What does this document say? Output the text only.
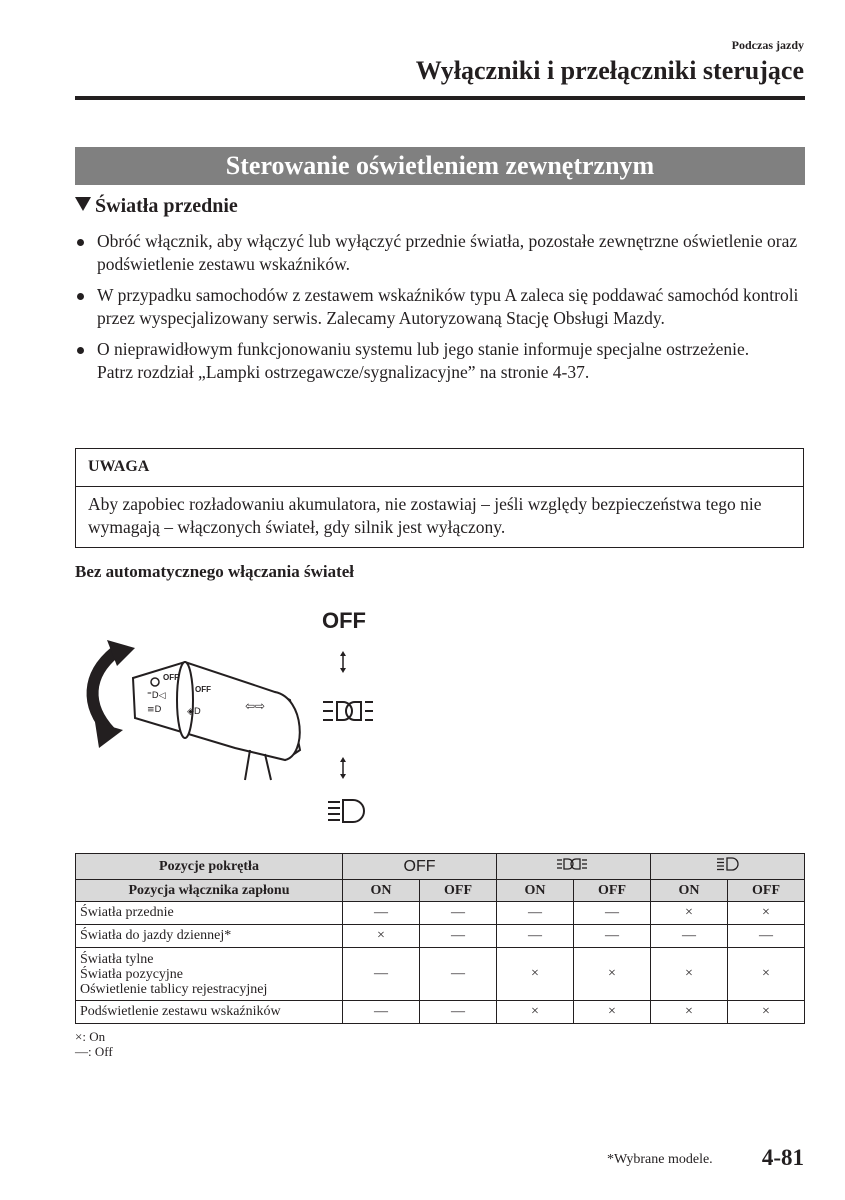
Podczas jazdy
Wyłączniki i przełączniki sterujące
Sterowanie oświetleniem zewnętrznym
Światła przednie
Obróć włącznik, aby włączyć lub wyłączyć przednie światła, pozostałe zewnętrzne oświetlenie oraz podświetlenie zestawu wskaźników.
W przypadku samochodów z zestawem wskaźników typu A zaleca się poddawać samochód kontroli przez wyspecjalizowany serwis. Zalecamy Autoryzowaną Stację Obsługi Mazdy.
O nieprawidłowym funkcjonowaniu systemu lub jego stanie informuje specjalne ostrzeżenie.
Patrz rozdział „Lampki ostrzegawcze/sygnalizacyjne” na stronie 4-37.
UWAGA
Aby zapobiec rozładowaniu akumulatora, nie zostawiaj – jeśli względy bezpieczeństwa tego nie wymagają – włączonych świateł, gdy silnik jest wyłączony.
Bez automatycznego włączania świateł
OFF
OFF
⁼D◁
≡D	◈D	⇦⇨
OFF
Pozycje pokrętła	OFF		
Pozycja włącznika zapłonu	ON	OFF	ON	OFF	ON	OFF
Światła przednie	—	—	—	—	×	×
Światła do jazdy dziennej*	×	—	—	—	—	—
Światła tylne
Światła pozycyjne
Oświetlenie tablicy rejestracyjnej	—	—	×	×	×	×
Podświetlenie zestawu wskaźników	—	—	×	×	×	×
×: On
—: Off
*Wybrane modele. 4-81
